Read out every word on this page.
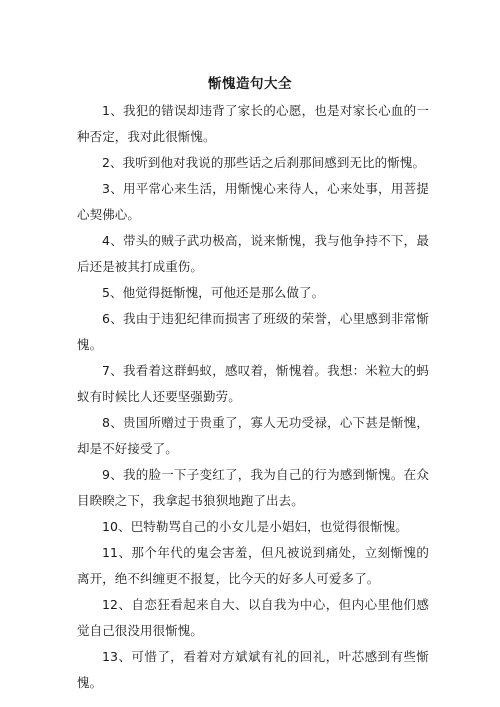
惭愧造句大全

1、我犯的错误却违背了家长的心愿，也是对家长心血的一种否定，我对此很惭愧。

2、我听到他对我说的那些话之后刹那间感到无比的惭愧。

3、用平常心来生活，用惭愧心来待人，心来处事，用菩提心契佛心。

4、带头的贼子武功极高，说来惭愧，我与他争持不下，最后还是被其打成重伤。

5、他觉得挺惭愧，可他还是那么做了。

6、我由于违犯纪律而损害了班级的荣誉，心里感到非常惭愧。

7、我看着这群蚂蚁，感叹着，惭愧着。我想：米粒大的蚂蚁有时候比人还要坚强勤劳。

8、贵国所赠过于贵重了，寡人无功受禄，心下甚是惭愧，却是不好接受了。

9、我的脸一下子变红了，我为自己的行为感到惭愧。在众目睽睽之下，我拿起书狼狈地跑了出去。

10、巴特勒骂自己的小女儿是小娼妇，也觉得很惭愧。

11、那个年代的鬼会害羞，但凡被说到痛处，立刻惭愧的离开，绝不纠缠更不报复，比今天的好多人可爱多了。

12、自恋狂看起来自大、以自我为中心，但内心里他们感觉自己很没用很惭愧。

13、可惜了，看着对方斌斌有礼的回礼，叶芯感到有些惭愧。
